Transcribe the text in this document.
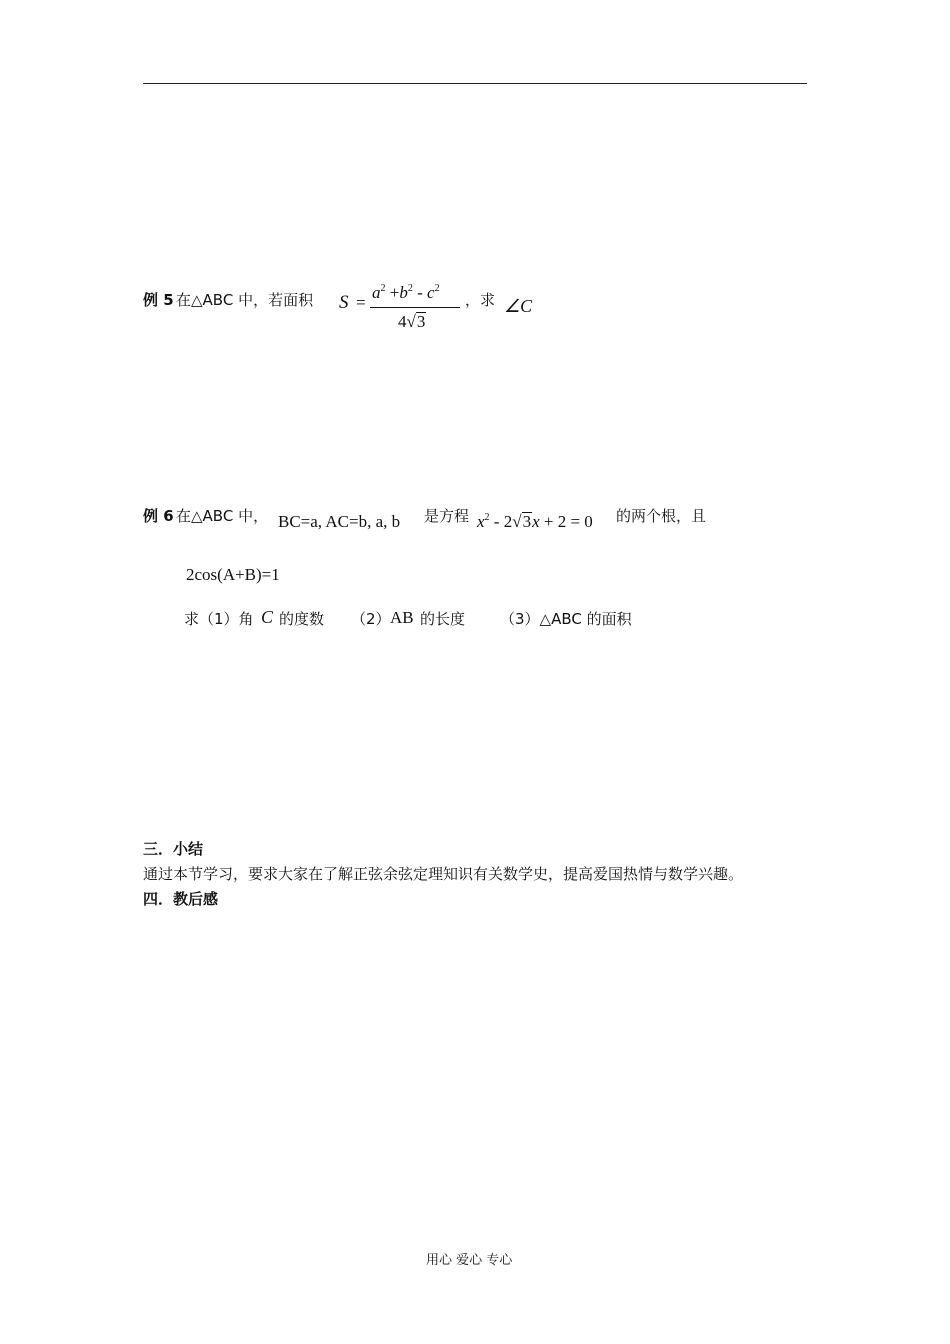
例 5 在△ABC 中，若面积 S =
$a^2 +b^2 - c^2$
4√3
，求 ∠C
例 6 在△ABC 中， BC=a, AC=b, a, b 是方程 $x^2 - 2√3x + 2 = 0$ 的两个根，且
2cos(A+B)=1
求（1）角 C 的度数 （2） AB 的长度 （3）△ABC 的面积
三．小结
通过本节学习，要求大家在了解正弦余弦定理知识有关数学史，提高爱国热情与数学兴趣。
四．教后感
用心 爱心 专心
